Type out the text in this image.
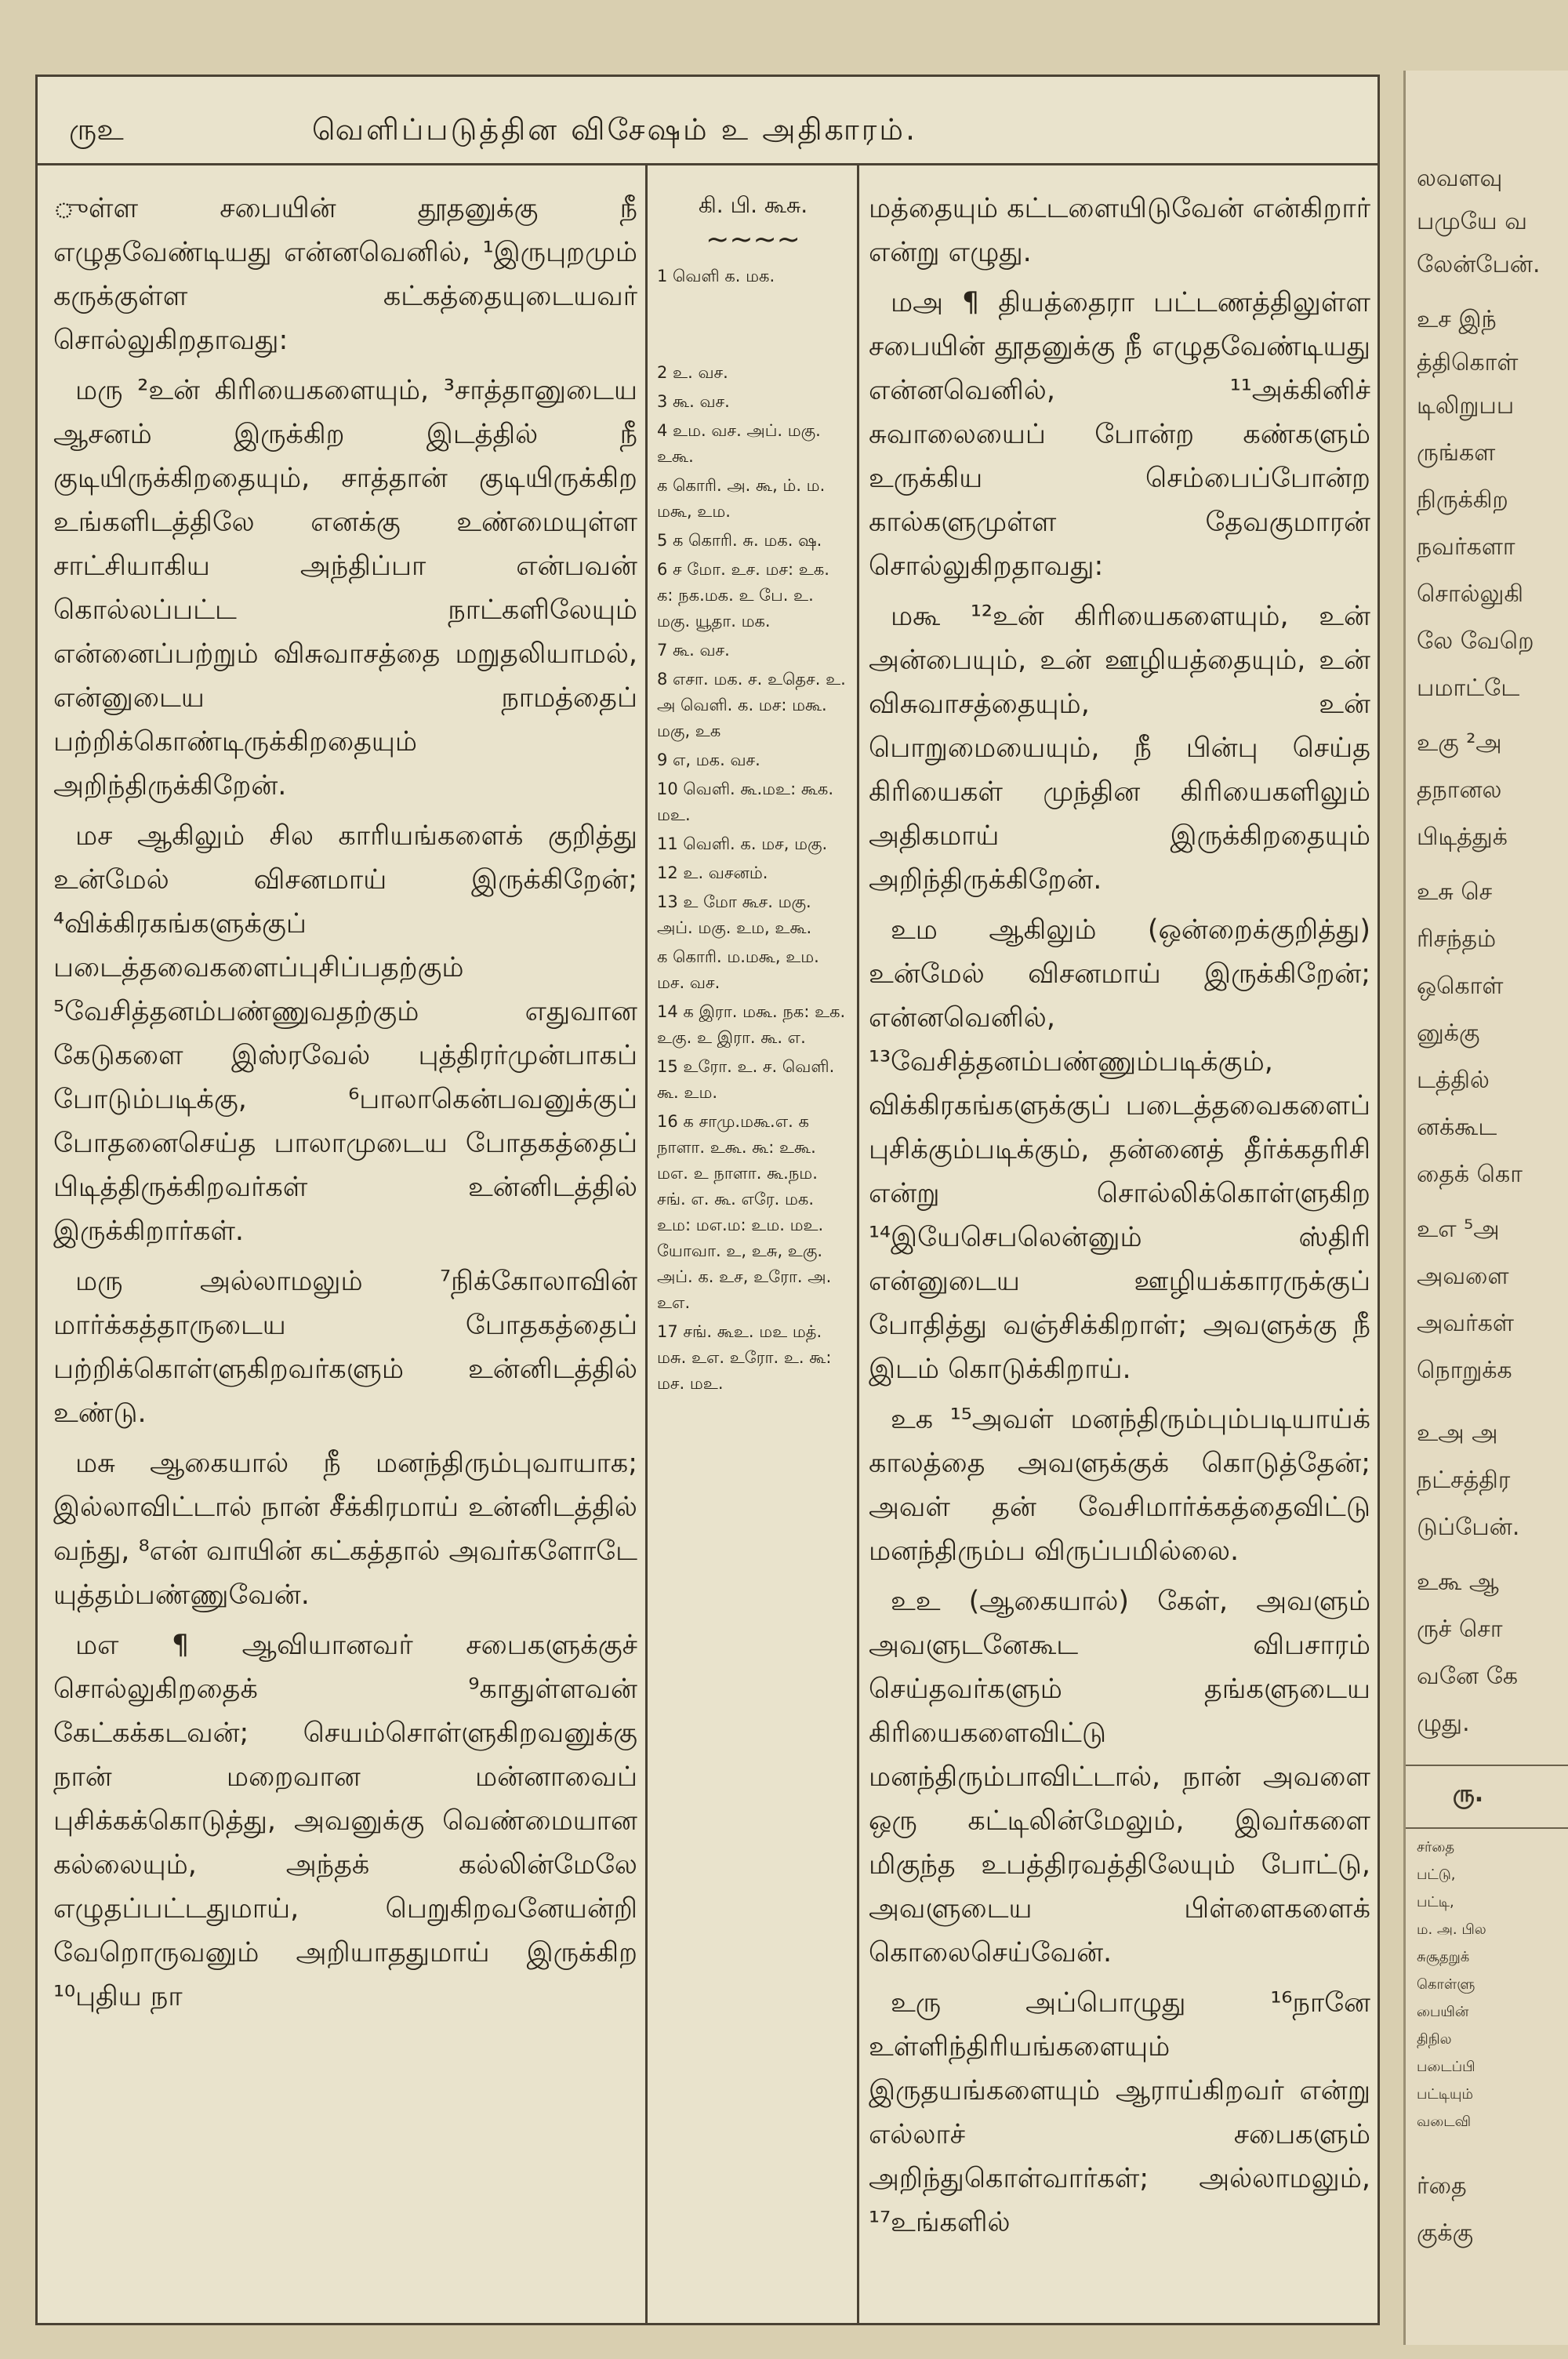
ருஉ	வெளிப்படுத்தின விசேஷம் உ அதிகாரம்.

ுள்ள சபையின் தூதனுக்கு நீ எழுதவேண்டியது என்னவெனில், ¹இருபுறமும் கருக்குள்ள கட்கத்தையுடையவர் சொல்லுகிறதாவது:

மரு ²உன் கிரியைகளையும், ³சாத்தானுடைய ஆசனம் இருக்கிற இடத்தில் நீ குடியிருக்கிறதையும், சாத்தான் குடியிருக்கிற உங்களிடத்திலே எனக்கு உண்மையுள்ள சாட்சியாகிய அந்திப்பா என்பவன் கொல்லப்பட்ட நாட்களிலேயும் என்னைப்பற்றும் விசுவாசத்தை மறுதலியாமல், என்னுடைய நாமத்தைப் பற்றிக்கொண்டிருக்கிறதையும் அறிந்திருக்கிறேன்.

மச ஆகிலும் சில காரியங்களைக் குறித்து உன்மேல் விசனமாய் இருக்கிறேன்; ⁴விக்கிரகங்களுக்குப் படைத்தவைகளைப்புசிப்பதற்கும் ⁵வேசித்தனம்பண்ணுவதற்கும் எதுவான கேடுகளை இஸ்ரவேல் புத்திரர்முன்பாகப் போடும்படிக்கு, ⁶பாலாகென்பவனுக்குப் போதனைசெய்த பாலாமுடைய போதகத்தைப் பிடித்திருக்கிறவர்கள் உன்னிடத்தில் இருக்கிறார்கள்.

மரு அல்லாமலும் ⁷நிக்கோலாவின் மார்க்கத்தாருடைய போதகத்தைப் பற்றிக்கொள்ளுகிறவர்களும் உன்னிடத்தில் உண்டு.

மசு ஆகையால் நீ மனந்திரும்புவாயாக; இல்லாவிட்டால் நான் சீக்கிரமாய் உன்னிடத்தில் வந்து, ⁸என் வாயின் கட்கத்தால் அவர்களோடே யுத்தம்பண்ணுவேன்.

மஎ ¶ ஆவியானவர் சபைகளுக்குச் சொல்லுகிறதைக் ⁹காதுள்ளவன் கேட்கக்கடவன்; செயம்சொள்ளுகிறவனுக்கு நான் மறைவான மன்னாவைப் புசிக்கக்கொடுத்து, அவனுக்கு வெண்மையான கல்லையும், அந்தக் கல்லின்மேலே எழுதப்பட்டதுமாய், பெறுகிறவனேயன்றி வேறொருவனும் அறியாததுமாய் இருக்கிற ¹⁰புதிய நா

கி. பி. கூசு.
~~~~

1 வெளி க. மக.

2 உ. வச.

3 கூ. வச.

4 உம. வச. அப். மகு. உகூ.

க கொரி. அ. கூ, ம். ம. மகூ, உம.

5 க கொரி. சு. மக. ஷ.

6 ச மோ. உச. மச: உக. க: நக.மக. உ பே. உ. மகு. யூதா. மக.

7 கூ. வச.

8 எசா. மக. ச. உதெச. உ. அ வெளி. க. மச: மகூ. மகு, உக

9 எ, மக. வச.

10 வெளி. கூ.மஉ: கூக. மஉ.

11 வெளி. க. மச, மகு.

12 உ. வசனம்.

13 உ மோ கூச. மகு. அப். மகு. உம, உகூ.

க கொரி. ம.மகூ, உம. மச. வச.

14 க இரா. மகூ. நக: உக. உகு. உ இரா. கூ. எ.

15 உரோ. உ. ச. வெளி. கூ. உம.

16 க சாமு.மகூ.எ. க நாளா. உகூ. கூ: உகூ. மஎ. உ நாளா. கூ.நம. சங். எ. கூ. எரே. மக. உம: மஎ.ம: உம. மஉ. யோவா. உ, உசு, உகு. அப். க. உச, உரோ. அ. உஎ.

17 சங். கூஉ. மஉ மத். மசு. உஎ. உரோ. உ. கூ: மச. மஉ.

மத்தையும் கட்டளையிடுவேன் என்கிறார் என்று எழுது.

மஅ ¶ தியத்தைரா பட்டணத்திலுள்ள சபையின் தூதனுக்கு நீ எழுதவேண்டியது என்னவெனில், ¹¹அக்கினிச் சுவாலையைப் போன்ற கண்களும் உருக்கிய செம்பைப்போன்ற கால்களுமுள்ள தேவகுமாரன் சொல்லுகிறதாவது:

மகூ ¹²உன் கிரியைகளையும், உன் அன்பையும், உன் ஊழியத்தையும், உன் விசுவாசத்தையும், உன் பொறுமையையும், நீ பின்பு செய்த கிரியைகள் முந்தின கிரியைகளிலும் அதிகமாய் இருக்கிறதையும் அறிந்திருக்கிறேன்.

உம ஆகிலும் (ஒன்றைக்குறித்து) உன்மேல் விசனமாய் இருக்கிறேன்; என்னவெனில், ¹³வேசித்தனம்பண்ணும்படிக்கும், விக்கிரகங்களுக்குப் படைத்தவைகளைப் புசிக்கும்படிக்கும், தன்னைத் தீர்க்கதரிசி என்று சொல்லிக்கொள்ளுகிற ¹⁴இயேசெபலென்னும் ஸ்திரி என்னுடைய ஊழியக்காரருக்குப் போதித்து வஞ்சிக்கிறாள்; அவளுக்கு நீ இடம் கொடுக்கிறாய்.

உக ¹⁵அவள் மனந்திரும்பும்படியாய்க் காலத்தை அவளுக்குக் கொடுத்தேன்; அவள் தன் வேசிமார்க்கத்தைவிட்டு மனந்திரும்ப விருப்பமில்லை.

உஉ (ஆகையால்) கேள், அவளும் அவளுடனேகூட விபசாரம் செய்தவர்களும் தங்களுடைய கிரியைகளைவிட்டு மனந்திரும்பாவிட்டால், நான் அவளை ஒரு கட்டிலின்மேலும், இவர்களை மிகுந்த உபத்திரவத்திலேயும் போட்டு, அவளுடைய பிள்ளைகளைக் கொலைசெய்வேன்.

உரு அப்பொழுது ¹⁶நானே உள்ளிந்திரியங்களையும் இருதயங்களையும் ஆராய்கிறவர் என்று எல்லாச் சபைகளும் அறிந்துகொள்வார்கள்; அல்லாமலும், ¹⁷உங்களில்

லவளவு
பமுயே வ
லேன்பேன்.
உச இந்
த்திகொள்
டிலிறுபப
ருங்கள
நிருக்கிற
நவர்களா
சொல்லுகி
லே வேறெ
பமாட்டே
உகு ²அ
தநானல
பிடித்துக்
உசு செ
ரிசந்தம்
ஒகொள்
னுக்கு
டத்தில்
னக்கூட
தைக் கொ
உஎ ⁵அ
அவளை
அவர்கள்
நொறுக்க
உஅ அ
நட்சத்திர
டுப்பேன்.
உகூ ஆ
ருச் சொ
வனே கே
ழுது.
ரு.
சர்தை
பட்டு,
பட்டி,
ம. அ. பில
சுசூதறுக்
கொள்ளு
பையின்
திநில
படைப்பி
பட்டியும்
வடைவி
ர்தை
குக்கு
